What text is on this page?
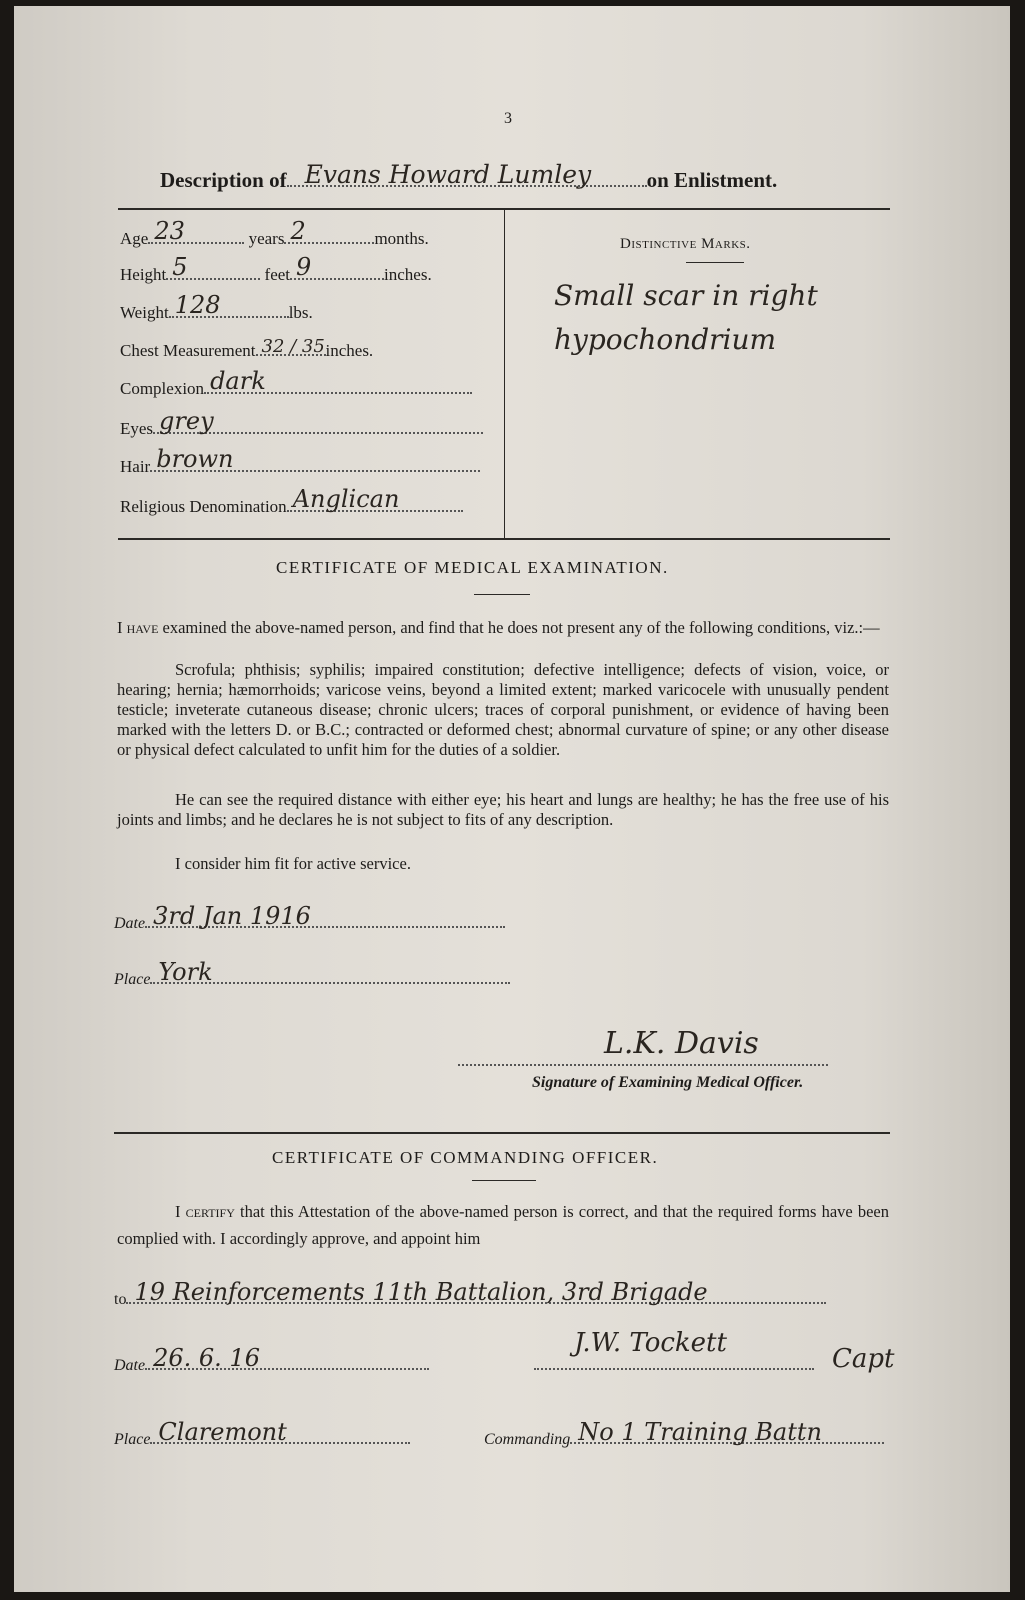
3
Description of Evans Howard Lumley	on Enlistment.
Age 23	years 2	months.
Height 5	feet 9	inches.
Weight 128	lbs.
Chest Measurement 32 / 35 inches.
Complexion dark
Eyes grey
Hair brown
Religious Denomination Anglican
Distinctive Marks.
Small scar in right hypochondrium
CERTIFICATE OF MEDICAL EXAMINATION.
I have examined the above-named person, and find that he does not present any of the following conditions, viz.:—
Scrofula; phthisis; syphilis; impaired constitution; defective intelligence; defects of vision, voice, or hearing; hernia; hæmorrhoids; varicose veins, beyond a limited extent; marked varicocele with unusually pendent testicle; inveterate cutaneous disease; chronic ulcers; traces of corporal punishment, or evidence of having been marked with the letters D. or B.C.; contracted or deformed chest; abnormal curvature of spine; or any other disease or physical defect calculated to unfit him for the duties of a soldier.
He can see the required distance with either eye; his heart and lungs are healthy; he has the free use of his joints and limbs; and he declares he is not subject to fits of any description.
I consider him fit for active service.
Date 3rd Jan 1916
Place York
L.K. Davis
Signature of Examining Medical Officer.
CERTIFICATE OF COMMANDING OFFICER.
I certify that this Attestation of the above-named person is correct, and that the required forms have been complied with. I accordingly approve, and appoint him
to 19 Reinforcements 11th Battalion, 3rd Brigade
Date 26. 6. 16	J.W. Tockett
Capt
Place Claremont	Commanding No 1 Training Battn
